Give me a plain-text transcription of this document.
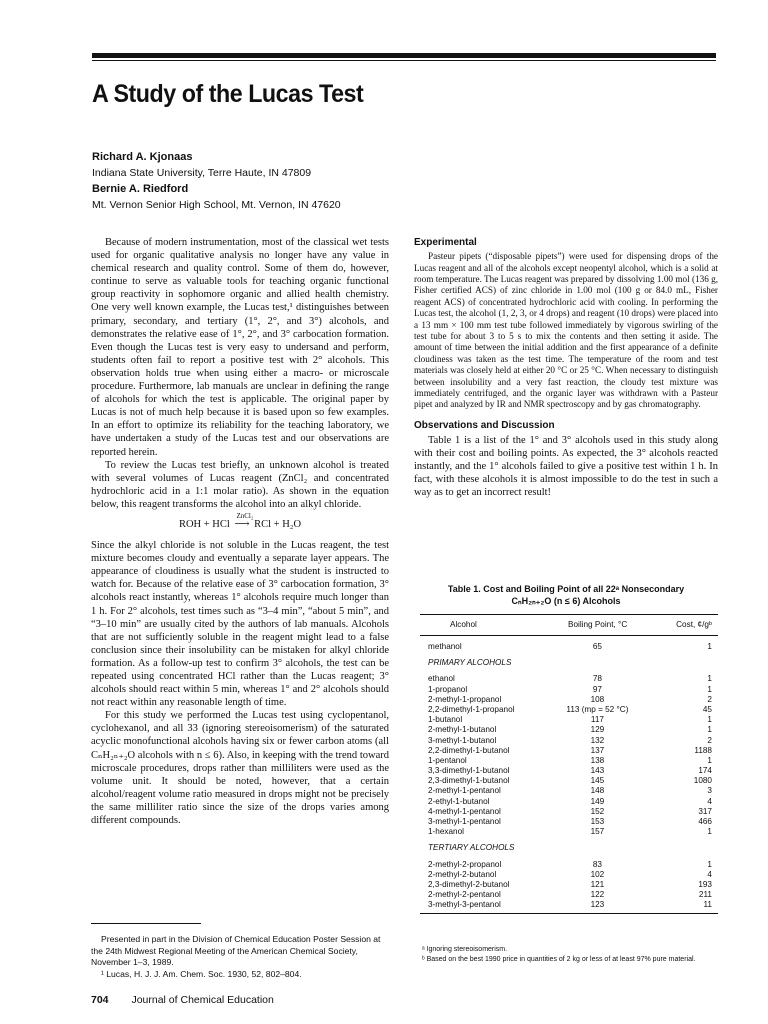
A Study of the Lucas Test
Richard A. Kjonaas
Indiana State University, Terre Haute, IN 47809
Bernie A. Riedford
Mt. Vernon Senior High School, Mt. Vernon, IN 47620

Because of modern instrumentation, most of the classical wet tests used for organic qualitative analysis no longer have any value in chemical research and quality control. Some of them do, however, continue to serve as valuable tools for teaching organic functional group reactivity in sophomore organic and allied health chemistry. One very well known example, the Lucas test,¹ distinguishes between primary, secondary, and tertiary (1°, 2°, and 3°) alcohols, and demonstrates the relative ease of 1°, 2°, and 3° carbocation formation. Even though the Lucas test is very easy to undersand and perform, students often fail to report a positive test with 2° alcohols. This observation holds true when using either a macro- or microscale procedure. Furthermore, lab manuals are unclear in defining the range of alcohols for which the test is applicable. The original paper by Lucas is not of much help because it is based upon so few examples. In an effort to optimize its reliability for the teaching laboratory, we have undertaken a study of the Lucas test and our observations are reported herein.

To review the Lucas test briefly, an unknown alcohol is treated with several volumes of Lucas reagent (ZnCl₂ and concentrated hydrochloric acid in a 1:1 molar ratio). As shown in the equation below, this reagent transforms the alcohol into an alkyl chloride.

ROH + HCl
ZnCl₂
⟶ RCl + H₂O

Since the alkyl chloride is not soluble in the Lucas reagent, the test mixture becomes cloudy and eventually a separate layer appears. The appearance of cloudiness is usually what the student is instructed to watch for. Because of the relative ease of 3° carbocation formation, 3° alcohols react instantly, whereas 1° alcohols require much longer than 1 h. For 2° alcohols, test times such as “3–4 min”, “about 5 min”, and “3–10 min” are usually cited by the authors of lab manuals. Alcohols that are not sufficiently soluble in the reagent might lead to a false conclusion since their insolubility can be mistaken for alkyl chloride formation. As a follow-up test to confirm 3° alcohols, the test can be repeated using concentrated HCl rather than the Lucas reagent; 3° alcohols should react within 5 min, whereas 1° and 2° alcohols should not react within any reasonable length of time.

For this study we performed the Lucas test using cyclopentanol, cyclohexanol, and all 33 (ignoring stereoisomerism) of the saturated acyclic monofunctional alcohols having six or fewer carbon atoms (all CₙH₂ₙ₊₂O alcohols with n ≤ 6). Also, in keeping with the trend toward microscale procedures, drops rather than milliliters were used as the volume unit. It should be noted, however, that a certain alcohol/reagent volume ratio measured in drops might not be precisely the same milliliter ratio since the size of the drops varies among different compounds.

Presented in part in the Division of Chemical Education Poster Session at the 24th Midwest Regional Meeting of the American Chemical Society, November 1–3, 1989.

¹ Lucas, H. J. J. Am. Chem. Soc. 1930, 52, 802–804.

704 Journal of Chemical Education
Experimental

Pasteur pipets (“disposable pipets”) were used for dispensing drops of the Lucas reagent and all of the alcohols except neopentyl alcohol, which is a solid at room temperature. The Lucas reagent was prepared by dissolving 1.00 mol (136 g, Fisher certified ACS) of zinc chloride in 1.00 mol (100 g or 84.0 mL, Fisher reagent ACS) of concentrated hydrochloric acid with cooling. In performing the Lucas test, the alcohol (1, 2, 3, or 4 drops) and reagent (10 drops) were placed into a 13 mm × 100 mm test tube followed immediately by vigorous swirling of the test tube for about 3 to 5 s to mix the contents and then setting it aside. The amount of time between the initial addition and the first appearance of a definite cloudiness was taken as the test time. The temperature of the room and test materials was closely held at either 20 °C or 25 °C. When necessary to distinguish between insolubility and a very fast reaction, the cloudy test mixture was immediately centrifuged, and the organic layer was withdrawn with a Pasteur pipet and analyzed by IR and NMR spectroscopy and by gas chromatography.

Observations and Discussion

Table 1 is a list of the 1° and 3° alcohols used in this study along with their cost and boiling points. As expected, the 3° alcohols reacted instantly, and the 1° alcohols failed to give a positive test within 1 h. In fact, with these alcohols it is almost impossible to do the test in such a way as to get an incorrect result!

Table 1. Cost and Boiling Point of all 22ᵃ Nonsecondary
CₙH₂ₙ₊₂O (n ≤ 6) Alcohols
Alcohol	Boiling Point, °C	Cost, ¢/gᵇ
methanol	65	1
PRIMARY ALCOHOLS
ethanol	78	1
1-propanol	97	1
2-methyl-1-propanol	108	2
2,2-dimethyl-1-propanol	113 (mp = 52 °C)	45
1-butanol	117	1
2-methyl-1-butanol	129	1
3-methyl-1-butanol	132	2
2,2-dimethyl-1-butanol	137	1188
1-pentanol	138	1
3,3-dimethyl-1-butanol	143	174
2,3-dimethyl-1-butanol	145	1080
2-methyl-1-pentanol	148	3
2-ethyl-1-butanol	149	4
4-methyl-1-pentanol	152	317
3-methyl-1-pentanol	153	466
1-hexanol	157	1
TERTIARY ALCOHOLS
2-methyl-2-propanol	83	1
2-methyl-2-butanol	102	4
2,3-dimethyl-2-butanol	121	193
2-methyl-2-pentanol	122	211
3-methyl-3-pentanol	123	11

ᵃ Ignoring stereoisomerism.

ᵇ Based on the best 1990 price in quantities of 2 kg or less of at least 97% pure material.
